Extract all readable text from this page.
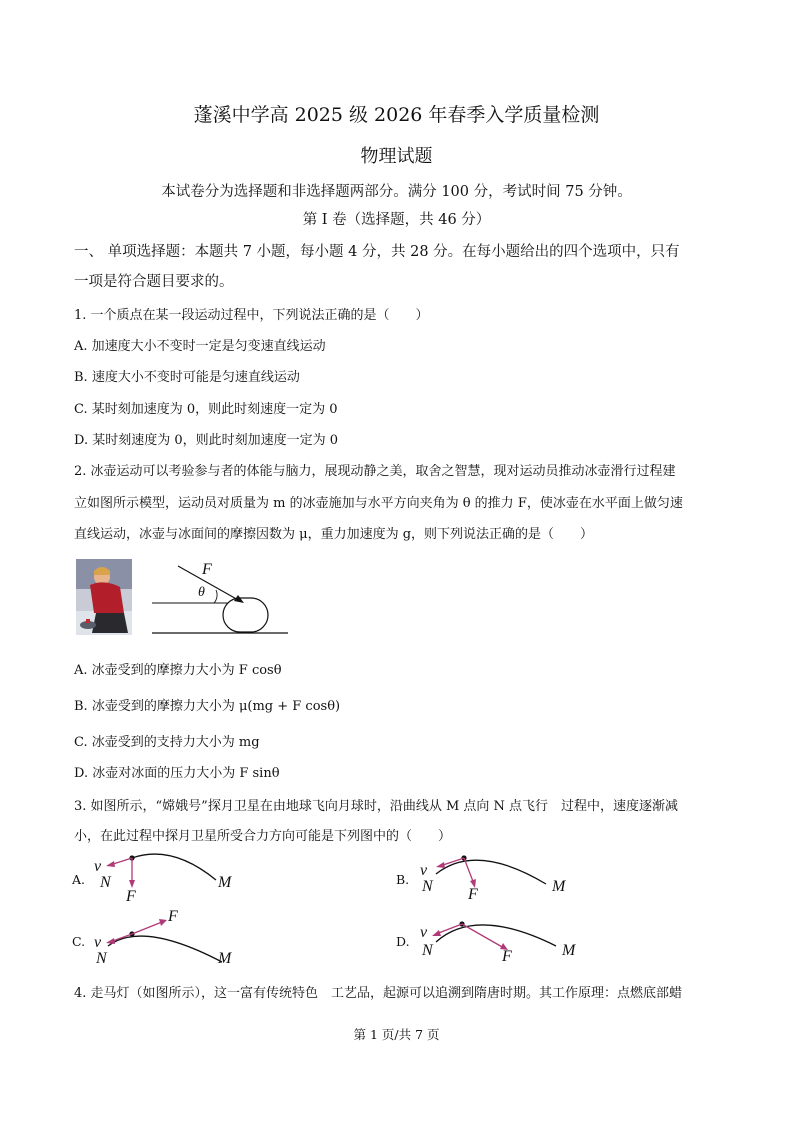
蓬溪中学高 2025 级 2026 年春季入学质量检测
物理试题
本试卷分为选择题和非选择题两部分。满分 100 分，考试时间 75 分钟。
第 I 卷（选择题，共 46 分）
一、 单项选择题：本题共 7 小题，每小题 4 分，共 28 分。在每小题给出的四个选项中，只有
一项是符合题目要求的。
1. 一个质点在某一段运动过程中，下列说法正确的是（　　）
A. 加速度大小不变时一定是匀变速直线运动
B. 速度大小不变时可能是匀速直线运动
C. 某时刻加速度为 0，则此时刻速度一定为 0
D. 某时刻速度为 0，则此时刻加速度一定为 0
2. 冰壶运动可以考验参与者的体能与脑力，展现动静之美，取舍之智慧，现对运动员推动冰壶滑行过程建
立如图所示模型，运动员对质量为 m 的冰壶施加与水平方向夹角为 θ 的推力 F，使冰壶在水平面上做匀速
直线运动，冰壶与冰面间的摩擦因数为 μ，重力加速度为 g，则下列说法正确的是（　　）
F
θ
A. 冰壶受到的摩擦力大小为 F cosθ
B. 冰壶受到的摩擦力大小为 μ(mg + F cosθ)
C. 冰壶受到的支持力大小为 mg
D. 冰壶对冰面的压力大小为 F sinθ
3. 如图所示，“嫦娥号”探月卫星在由地球飞向月球时，沿曲线从 M 点向 N 点飞行　过程中，速度逐渐减
小，在此过程中探月卫星所受合力方向可能是下列图中的（　　）
A.
v
N
F
M	B.
v
N F	M
C. v
N
F
M
D.
v
N	F	M
4. 走马灯（如图所示），这一富有传统特色　工艺品，起源可以追溯到隋唐时期。其工作原理：点燃底部蜡
第 1 页/共 7 页
